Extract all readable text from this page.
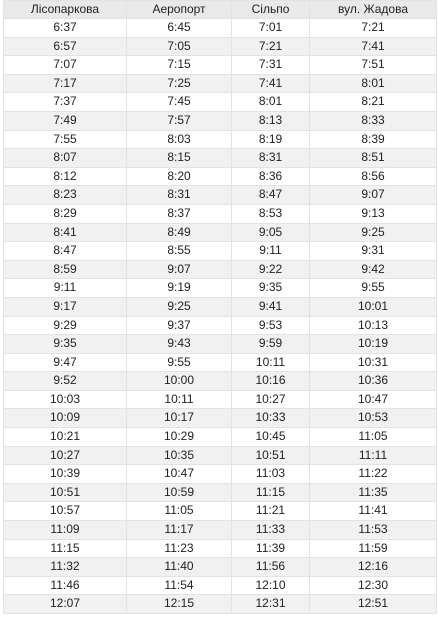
Лісопаркова	Аеропорт	Сільпо	вул. Жадова
6:37	6:45	7:01	7:21
6:57	7:05	7:21	7:41
7:07	7:15	7:31	7:51
7:17	7:25	7:41	8:01
7:37	7:45	8:01	8:21
7:49	7:57	8:13	8:33
7:55	8:03	8:19	8:39
8:07	8:15	8:31	8:51
8:12	8:20	8:36	8:56
8:23	8:31	8:47	9:07
8:29	8:37	8:53	9:13
8:41	8:49	9:05	9:25
8:47	8:55	9:11	9:31
8:59	9:07	9:22	9:42
9:11	9:19	9:35	9:55
9:17	9:25	9:41	10:01
9:29	9:37	9:53	10:13
9:35	9:43	9:59	10:19
9:47	9:55	10:11	10:31
9:52	10:00	10:16	10:36
10:03	10:11	10:27	10:47
10:09	10:17	10:33	10:53
10:21	10:29	10:45	11:05
10:27	10:35	10:51	11:11
10:39	10:47	11:03	11:22
10:51	10:59	11:15	11:35
10:57	11:05	11:21	11:41
11:09	11:17	11:33	11:53
11:15	11:23	11:39	11:59
11:32	11:40	11:56	12:16
11:46	11:54	12:10	12:30
12:07	12:15	12:31	12:51
